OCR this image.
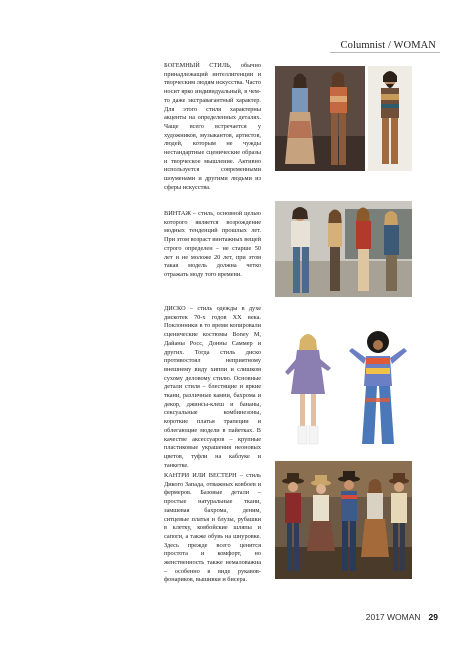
Columnist / WOMAN
БОГЕМНЫЙ СТИЛЬ, обычно принадлежащий интеллигенции и творческим людям искусства. Часто носит ярко индивидуальный, в чем-то даже экстравагантный характер. Для этого стиля характерны акценты на определенных деталях. Чаще всего встречается у художников, музыкантов, артистов, людей, которым не чужды нестандартные сценические образы и творческое мышление. Активно используется современными шоуменами и другими людьми из сферы искусства.
ВИНТАЖ – стиль, основной целью которого является возрождение модных тенденций прошлых лет. При этом возраст винтажных вещей строго определен – не старше 50 лет и не моложе 20 лет, при этом такая модель должна четко отражать моду того времени.
ДИСКО – стиль одежды в духе дискотек 70-х годов XX века. Поклонники в то время копировали сценические костюмы Boney M, Дайаны Росс, Донны Саммер и других. Тогда стиль диско противостоял неприятному внешнему виду хиппи и слишком сухому деловому стилю. Основные детали стиля – блестящие и яркие ткани, различные камни, бахрома и декор, джинсы-клеш и бананы, сексуальные комбинезоны, короткие платья трапеции и облегающие модели в пайетках. В качестве аксессуаров – крупные пластиковые украшения неоновых цветов, туфли на каблуке и танкетке.
КАНТРИ ИЛИ ВЕСТЕРН – стиль Дикого Запада, отважных ковбоев и фермеров. Базовые детали – простые натуральные ткани, замшевая бахрома, деним, ситцевые платья и блузы, рубашки в клетку, ковбойские шляпы и сапоги, а также обувь на шнуровке. Здесь прежде всего ценится простота и комфорт, но женственность также немаловажна – особенно в виде рукавов-фонариков, вышивки и бисера.
2017 WOMAN 29
